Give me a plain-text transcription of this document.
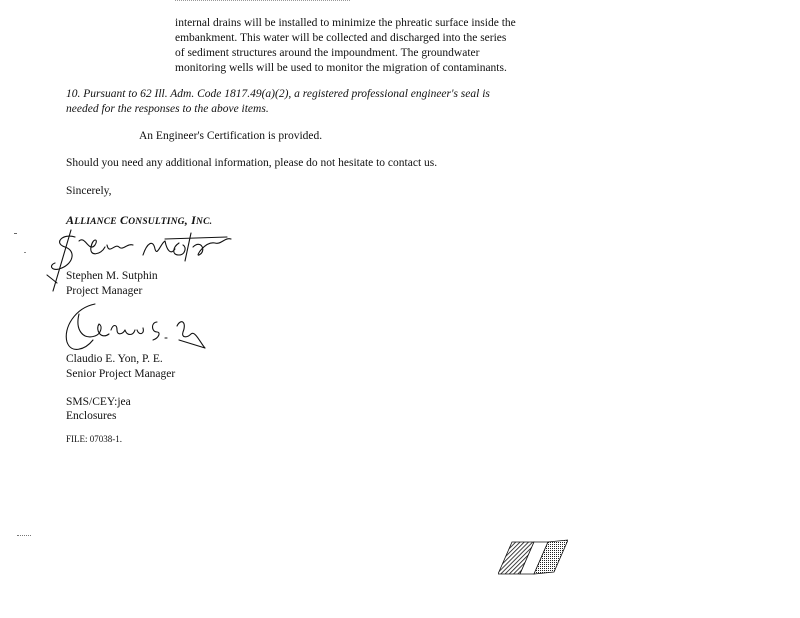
internal drains will be installed to minimize the phreatic surface inside the
embankment. This water will be collected and discharged into the series
of sediment structures around the impoundment. The groundwater
monitoring wells will be used to monitor the migration of contaminants.
10. Pursuant to 62 Ill. Adm. Code 1817.49(a)(2), a registered professional engineer's seal is
needed for the responses to the above items.
An Engineer's Certification is provided.
Should you need any additional information, please do not hesitate to contact us.
Sincerely,
ALLIANCE CONSULTING, INC.
Stephen M. Sutphin
Project Manager
Claudio E. Yon, P. E.
Senior Project Manager
SMS/CEY:jea
Enclosures
FILE: 07038-1.
